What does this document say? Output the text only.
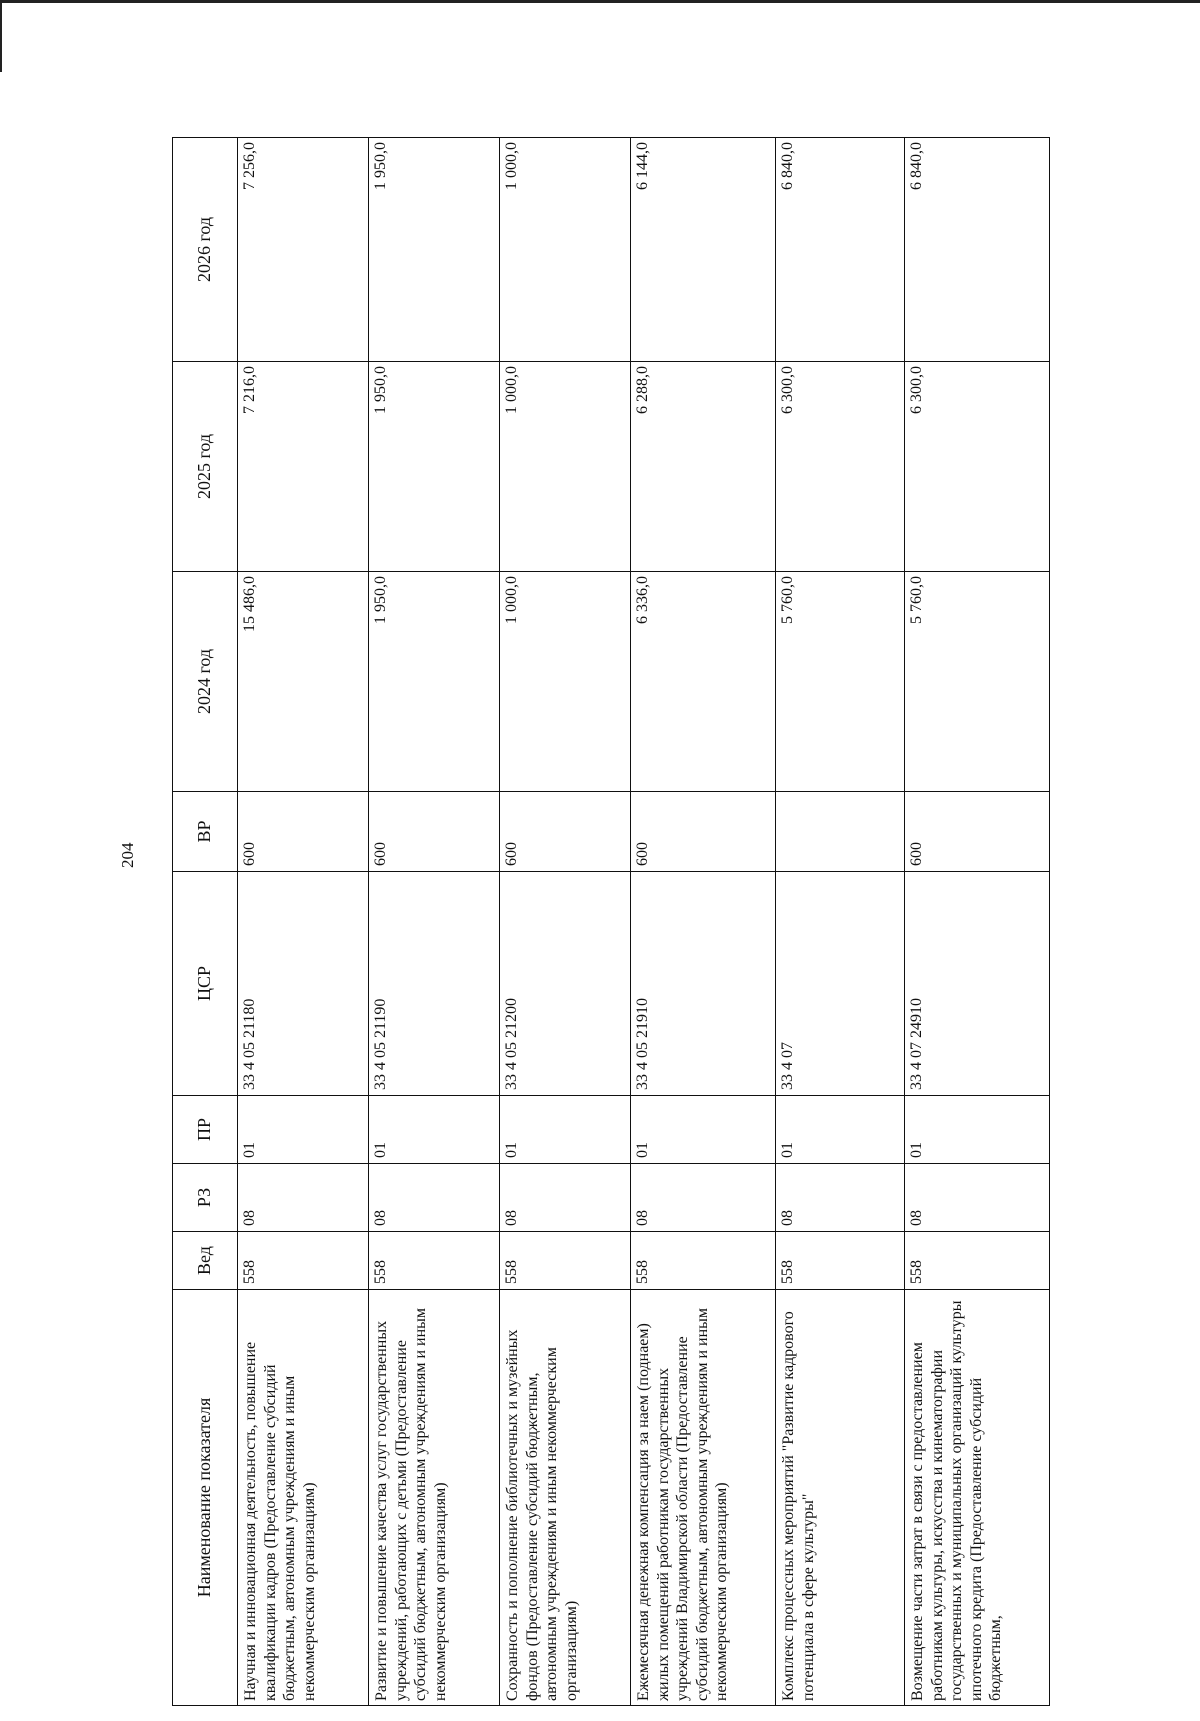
204
Наименование показателя	Вед	РЗ	ПР	ЦСР	ВР	2024 год	2025 год	2026 год
Научная и инновационная деятельность, повышение квалификации кадров (Предоставление субсидий бюджетным, автономным учреждениям и иным некоммерческим организациям)	558	08	01	33 4 05 21180	600	15 486,0	7 216,0	7 256,0
Развитие и повышение качества услуг государственных учреждений, работающих с детьми (Предоставление субсидий бюджетным, автономным учреждениям и иным некоммерческим организациям)	558	08	01	33 4 05 21190	600	1 950,0	1 950,0	1 950,0
Сохранность и пополнение библиотечных и музейных фондов (Предоставление субсидий бюджетным, автономным учреждениям и иным некоммерческим организациям)	558	08	01	33 4 05 21200	600	1 000,0	1 000,0	1 000,0
Ежемесячная денежная компенсация за наем (поднаем) жилых помещений работникам государственных учреждений Владимирской области (Предоставление субсидий бюджетным, автономным учреждениям и иным некоммерческим организациям)	558	08	01	33 4 05 21910	600	6 336,0	6 288,0	6 144,0
Комплекс процессных мероприятий "Развитие кадрового потенциала в сфере культуры"	558	08	01	33 4 07		5 760,0	6 300,0	6 840,0
Возмещение части затрат в связи с предоставлением работникам культуры, искусства и кинематографии государственных и муниципальных организаций культуры ипотечного кредита (Предоставление субсидий бюджетным,	558	08	01	33 4 07 24910	600	5 760,0	6 300,0	6 840,0
